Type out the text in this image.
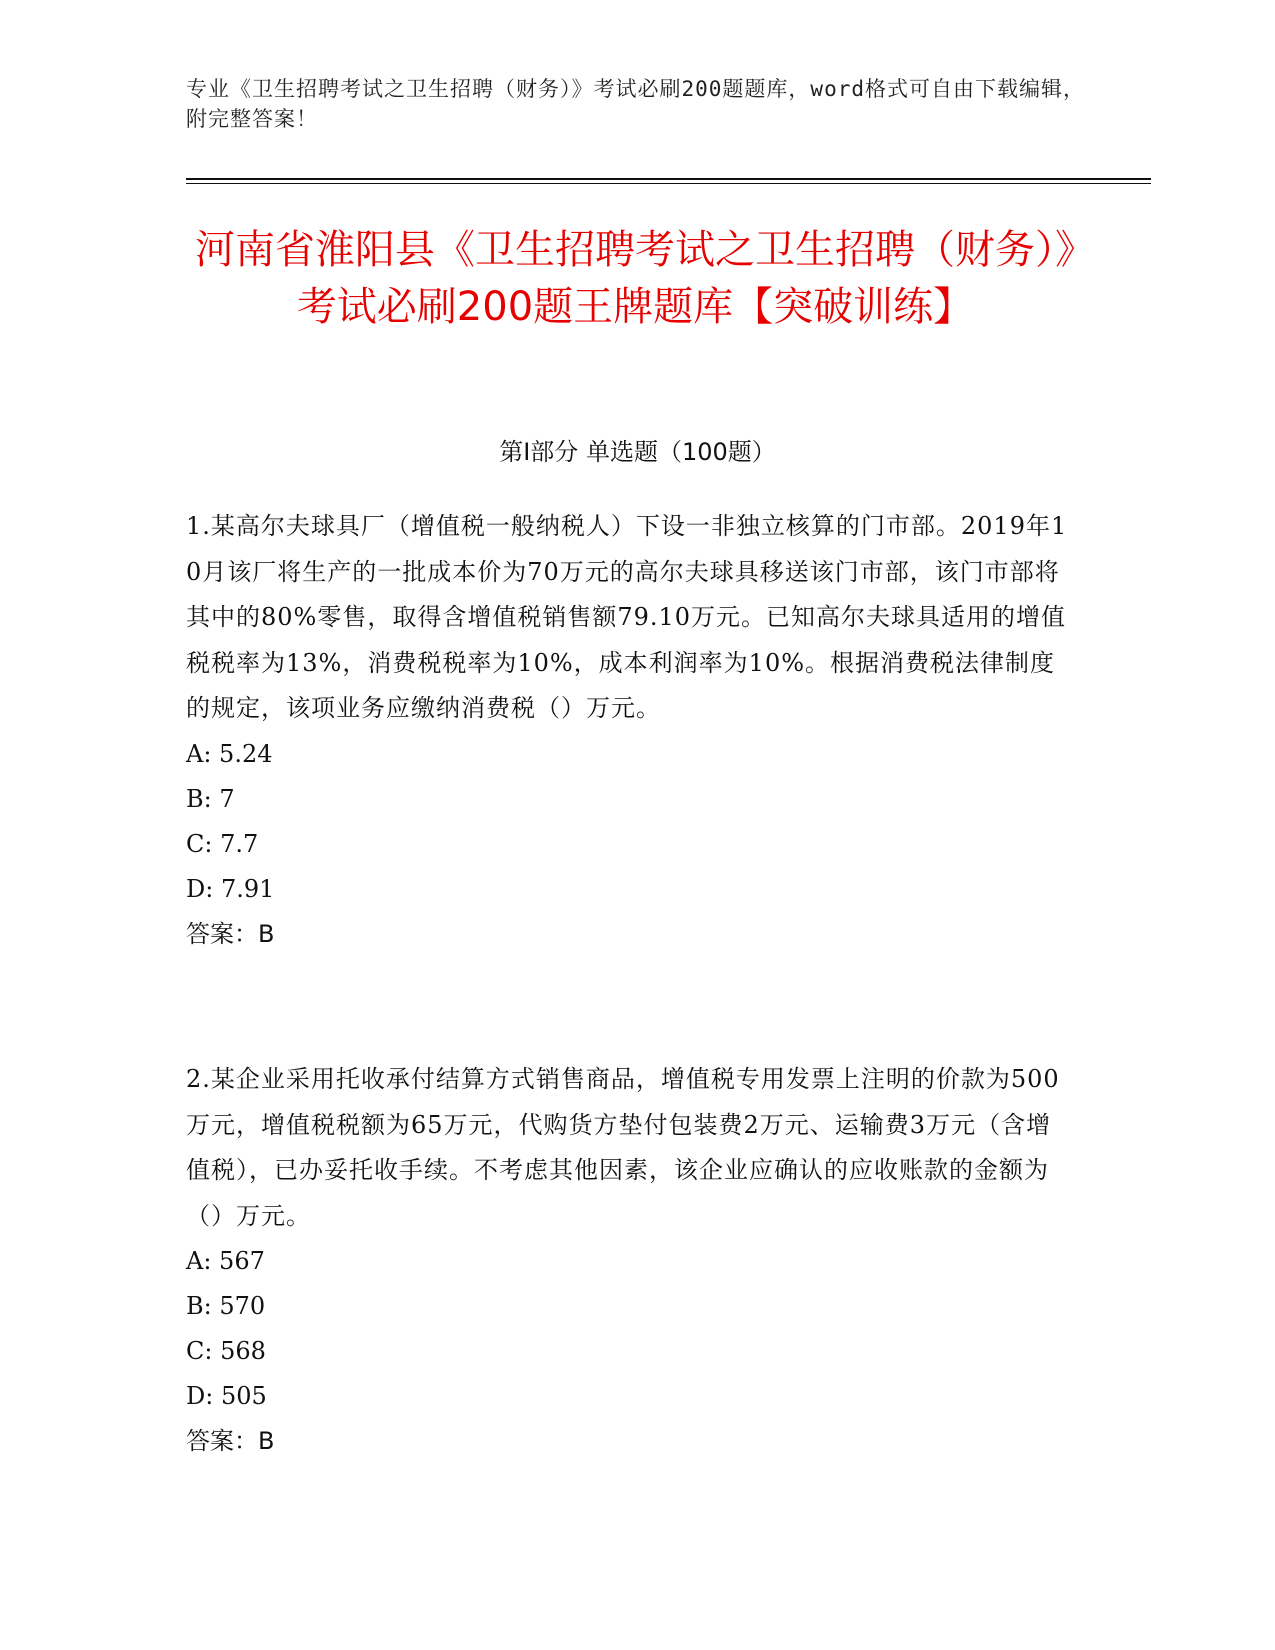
专业《卫生招聘考试之卫生招聘（财务）》考试必刷200题题库，word格式可自由下载编辑，附完整答案！
河南省淮阳县《卫生招聘考试之卫生招聘（财务）》考试必刷200题王牌题库【突破训练】
第Ⅰ部分 单选题（100题）
1.某高尔夫球具厂（增值税一般纳税人）下设一非独立核算的门市部。2019年10月该厂将生产的一批成本价为70万元的高尔夫球具移送该门市部，该门市部将其中的80%零售，取得含增值税销售额79.10万元。已知高尔夫球具适用的增值税税率为13%，消费税税率为10%，成本利润率为10%。根据消费税法律制度的规定，该项业务应缴纳消费税（）万元。
A: 5.24
B: 7
C: 7.7
D: 7.91
答案：B
2.某企业采用托收承付结算方式销售商品，增值税专用发票上注明的价款为500万元，增值税税额为65万元，代购货方垫付包装费2万元、运输费3万元（含增值税），已办妥托收手续。不考虑其他因素，该企业应确认的应收账款的金额为（）万元。
A: 567
B: 570
C: 568
D: 505
答案：B
